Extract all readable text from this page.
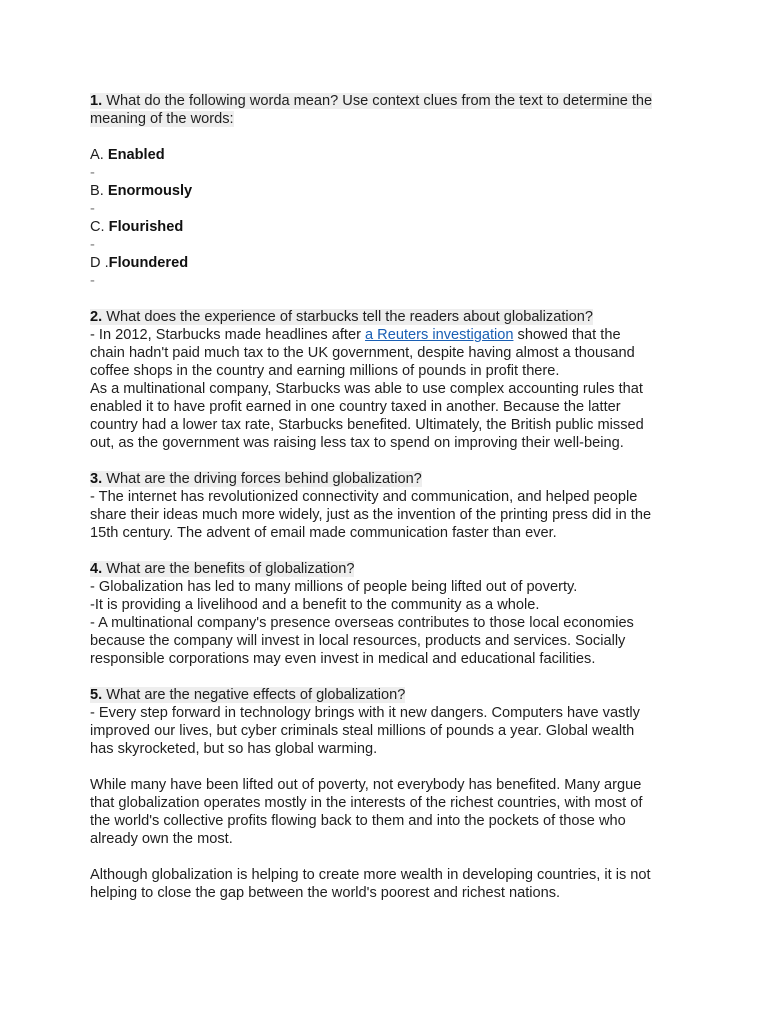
1. What do the following worda mean? Use context clues from the text to determine the

meaning of the words:

A. Enabled
-
B. Enormously
-
C. Flourished
-
D .Floundered
-

2. What does the experience of starbucks tell the readers about globalization?

- In 2012, Starbucks made headlines after a Reuters investigation showed that the

chain hadn't paid much tax to the UK government, despite having almost a thousand

coffee shops in the country and earning millions of pounds in profit there.

As a multinational company, Starbucks was able to use complex accounting rules that

enabled it to have profit earned in one country taxed in another. Because the latter

country had a lower tax rate, Starbucks benefited. Ultimately, the British public missed

out, as the government was raising less tax to spend on improving their well-being.

3. What are the driving forces behind globalization?

- The internet has revolutionized connectivity and communication, and helped people

share their ideas much more widely, just as the invention of the printing press did in the

15th century. The advent of email made communication faster than ever.

4. What are the benefits of globalization?

- Globalization has led to many millions of people being lifted out of poverty.

-It is providing a livelihood and a benefit to the community as a whole.

- A multinational company's presence overseas contributes to those local economies

because the company will invest in local resources, products and services. Socially

responsible corporations may even invest in medical and educational facilities.

5. What are the negative effects of globalization?

- Every step forward in technology brings with it new dangers. Computers have vastly

improved our lives, but cyber criminals steal millions of pounds a year. Global wealth

has skyrocketed, but so has global warming.

While many have been lifted out of poverty, not everybody has benefited. Many argue

that globalization operates mostly in the interests of the richest countries, with most of

the world's collective profits flowing back to them and into the pockets of those who

already own the most.

Although globalization is helping to create more wealth in developing countries, it is not

helping to close the gap between the world's poorest and richest nations.
